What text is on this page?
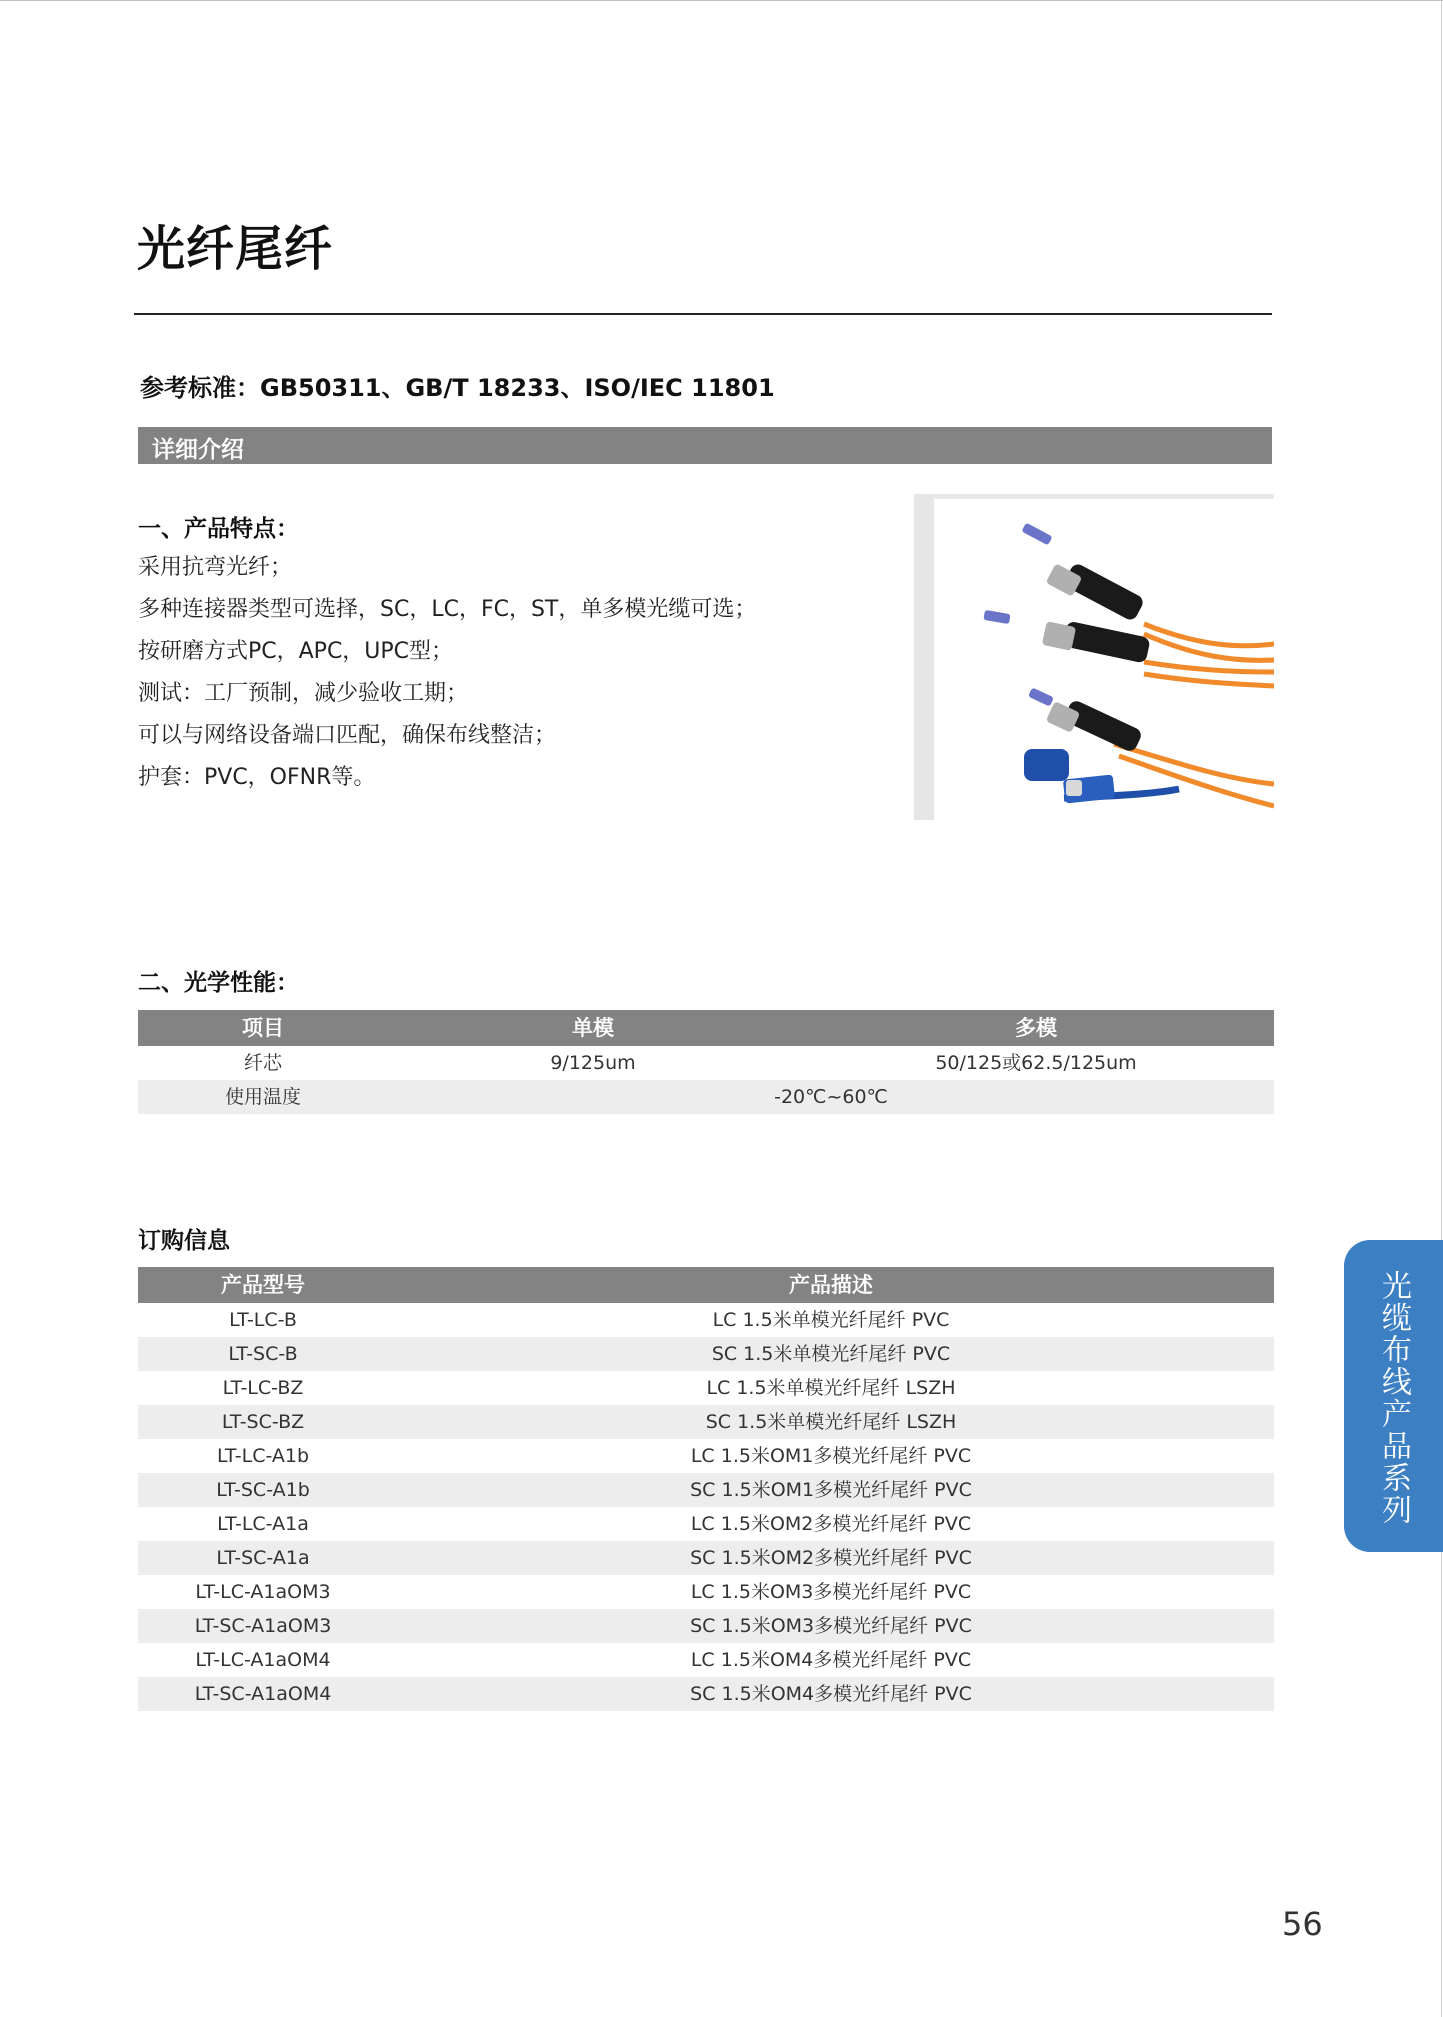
光纤尾纤
参考标准：GB50311、GB/T 18233、ISO/IEC 11801
详细介绍
一、产品特点：
采用抗弯光纤；
多种连接器类型可选择，SC，LC，FC，ST，单多模光缆可选；
按研磨方式PC，APC，UPC型；
测试：工厂预制，减少验收工期；
可以与网络设备端口匹配，确保布线整洁；
护套：PVC，OFNR等。
二、光学性能：
项目	单模	多模
纤芯	9/125um	50/125或62.5/125um
使用温度	-20℃~60℃
订购信息
产品型号	产品描述
LT-LC-B	LC 1.5米单模光纤尾纤 PVC
LT-SC-B	SC 1.5米单模光纤尾纤 PVC
LT-LC-BZ	LC 1.5米单模光纤尾纤 LSZH
LT-SC-BZ	SC 1.5米单模光纤尾纤 LSZH
LT-LC-A1b	LC 1.5米OM1多模光纤尾纤 PVC
LT-SC-A1b	SC 1.5米OM1多模光纤尾纤 PVC
LT-LC-A1a	LC 1.5米OM2多模光纤尾纤 PVC
LT-SC-A1a	SC 1.5米OM2多模光纤尾纤 PVC
LT-LC-A1aOM3	LC 1.5米OM3多模光纤尾纤 PVC
LT-SC-A1aOM3	SC 1.5米OM3多模光纤尾纤 PVC
LT-LC-A1aOM4	LC 1.5米OM4多模光纤尾纤 PVC
LT-SC-A1aOM4	SC 1.5米OM4多模光纤尾纤 PVC
光缆布线产品系列
56
